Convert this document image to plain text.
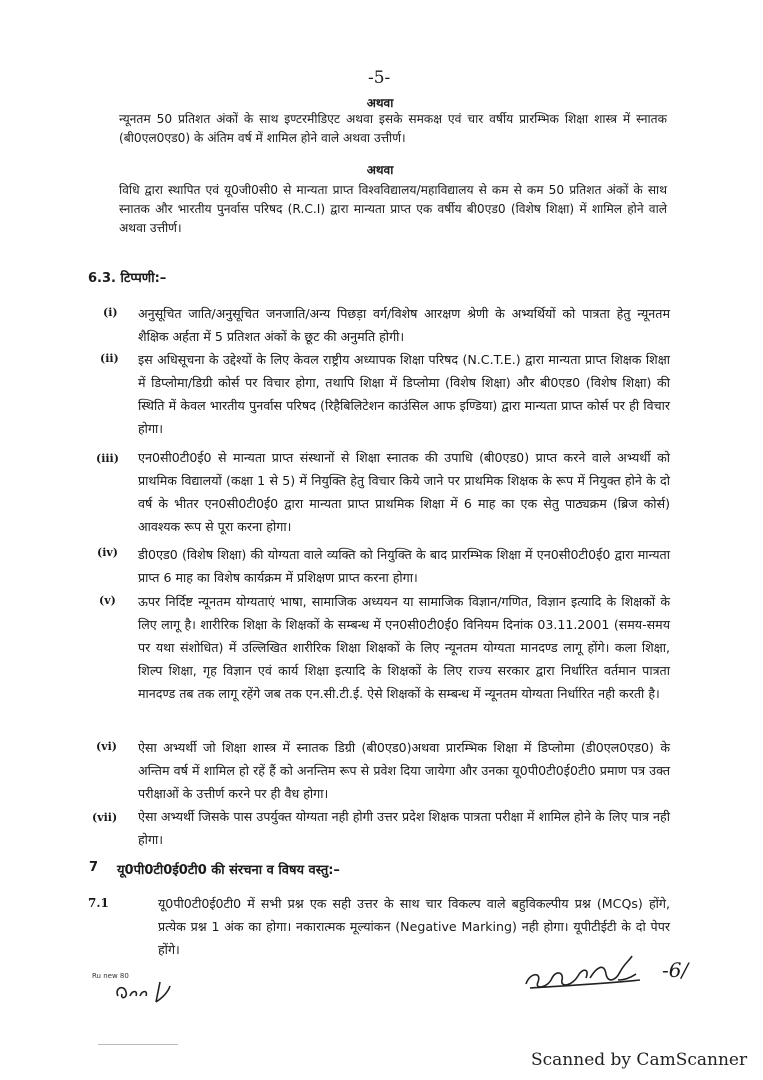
-5-
अथवा
न्यूनतम 50 प्रतिशत अंकों के साथ इण्टरमीडिएट अथवा इसके समकक्ष एवं चार वर्षीय प्रारम्भिक शिक्षा शास्त्र में स्नातक (बी0एल0एड0) के अंतिम वर्ष में शामिल होने वाले अथवा उत्तीर्ण।
अथवा
विधि द्वारा स्थापित एवं यू0जी0सी0 से मान्यता प्राप्त विश्वविद्यालय/महाविद्यालय से कम से कम 50 प्रतिशत अंकों के साथ स्नातक और भारतीय पुनर्वास परिषद (R.C.I) द्वारा मान्यता प्राप्त एक वर्षीय बी0एड0 (विशेष शिक्षा) में शामिल होने वाले अथवा उत्तीर्ण।
6.3. टिप्पणी:–
(i) अनुसूचित जाति/अनुसूचित जनजाति/अन्य पिछड़ा वर्ग/विशेष आरक्षण श्रेणी के अभ्यर्थियों को पात्रता हेतु न्यूनतम शैक्षिक अर्हता में 5 प्रतिशत अंकों के छूट की अनुमति होगी।
(ii) इस अधिसूचना के उद्देश्यों के लिए केवल राष्ट्रीय अध्यापक शिक्षा परिषद (N.C.T.E.) द्वारा मान्यता प्राप्त शिक्षक शिक्षा में डिप्लोमा/डिग्री कोर्स पर विचार होगा, तथापि शिक्षा में डिप्लोमा (विशेष शिक्षा) और बी0एड0 (विशेष शिक्षा) की स्थिति में केवल भारतीय पुनर्वास परिषद (रिहैबिलिटेशन काउंसिल आफ इण्डिया) द्वारा मान्यता प्राप्त कोर्स पर ही विचार होगा।
(iii) एन0सी0टी0ई0 से मान्यता प्राप्त संस्थानों से शिक्षा स्नातक की उपाधि (बी0एड0) प्राप्त करने वाले अभ्यर्थी को प्राथमिक विद्यालयों (कक्षा 1 से 5) में नियुक्ति हेतु विचार किये जाने पर प्राथमिक शिक्षक के रूप में नियुक्त होने के दो वर्ष के भीतर एन0सी0टी0ई0 द्वारा मान्यता प्राप्त प्राथमिक शिक्षा में 6 माह का एक सेतु पाठ्यक्रम (ब्रिज कोर्स) आवश्यक रूप से पूरा करना होगा।
(iv) डी0एड0 (विशेष शिक्षा) की योग्यता वाले व्यक्ति को नियुक्ति के बाद प्रारम्भिक शिक्षा में एन0सी0टी0ई0 द्वारा मान्यता प्राप्त 6 माह का विशेष कार्यक्रम में प्रशिक्षण प्राप्त करना होगा।
(v) ऊपर निर्दिष्ट न्यूनतम योग्यताएं भाषा, सामाजिक अध्ययन या सामाजिक विज्ञान/गणित, विज्ञान इत्यादि के शिक्षकों के लिए लागू है। शारीरिक शिक्षा के शिक्षकों के सम्बन्ध में एन0सी0टी0ई0 विनियम दिनांक 03.11.2001 (समय-समय पर यथा संशोधित) में उल्लिखित शारीरिक शिक्षा शिक्षकों के लिए न्यूनतम योग्यता मानदण्ड लागू होंगे। कला शिक्षा, शिल्प शिक्षा, गृह विज्ञान एवं कार्य शिक्षा इत्यादि के शिक्षकों के लिए राज्य सरकार द्वारा निर्धारित वर्तमान पात्रता मानदण्ड तब तक लागू रहेंगे जब तक एन.सी.टी.ई. ऐसे शिक्षकों के सम्बन्ध में न्यूनतम योग्यता निर्धारित नही करती है।
(vi) ऐसा अभ्यर्थी जो शिक्षा शास्त्र में स्नातक डिग्री (बी0एड0)अथवा प्रारम्भिक शिक्षा में डिप्लोमा (डी0एल0एड0) के अन्तिम वर्ष में शामिल हो रहें हैं को अनन्तिम रूप से प्रवेश दिया जायेगा और उनका यू0पी0टी0ई0टी0 प्रमाण पत्र उक्त परीक्षाओं के उत्तीर्ण करने पर ही वैध होगा।
(vii) ऐसा अभ्यर्थी जिसके पास उपर्युक्त योग्यता नही होगी उत्तर प्रदेश शिक्षक पात्रता परीक्षा में शामिल होने के लिए पात्र नही होगा।
7 यू0पी0टी0ई0टी0 की संरचना व विषय वस्तु:–
7.1	यू0पी0टी0ई0टी0 में सभी प्रश्न एक सही उत्तर के साथ चार विकल्प वाले बहुविकल्पीय प्रश्न (MCQs) होंगे, प्रत्येक प्रश्न 1 अंक का होगा। नकारात्मक मूल्यांकन (Negative Marking) नही होगा। यूपीटीईटी के दो पेपर होंगे।
Ru new 80	-6/
Scanned by CamScanner
